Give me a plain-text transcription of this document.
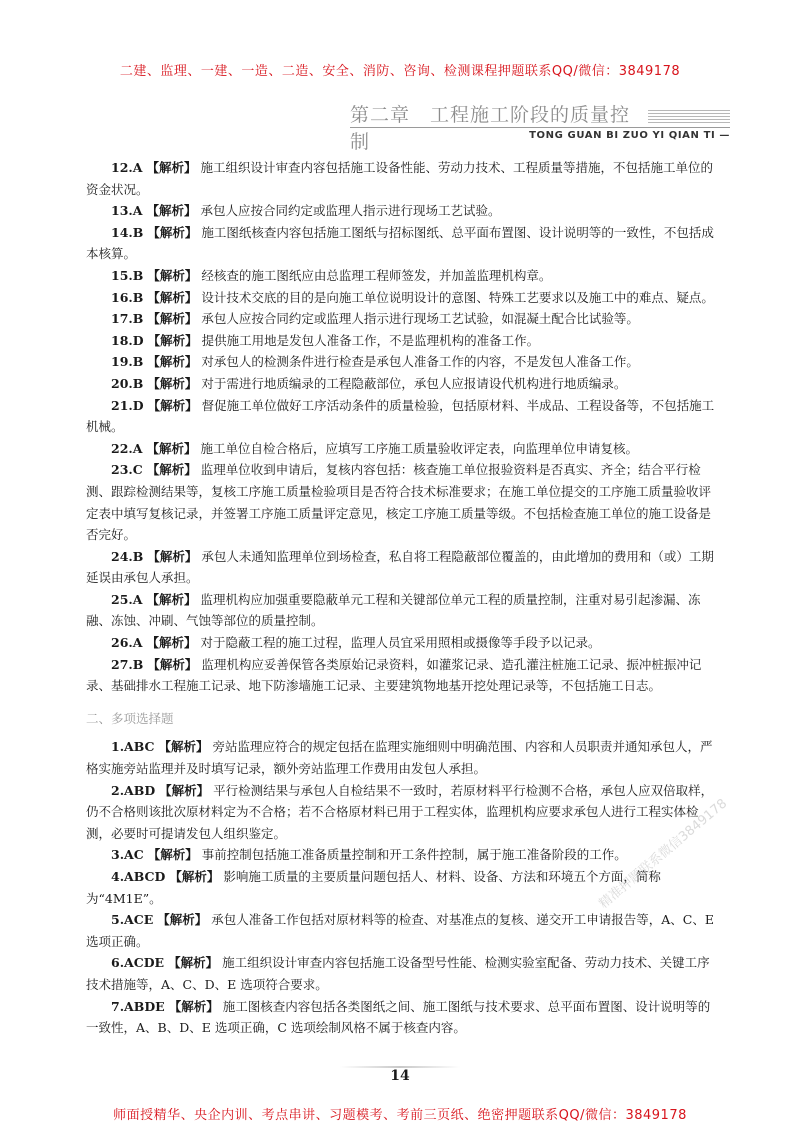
二建、监理、一建、一造、二造、安全、消防、咨询、检测课程押题联系QQ/微信：3849178
第二章　工程施工阶段的质量控制	TONG GUAN BI ZUO YI QIAN TI —

12.A 【解析】 施工组织设计审查内容包括施工设备性能、劳动力技术、工程质量等措施，不包括施工单位的资金状况。

13.A 【解析】 承包人应按合同约定或监理人指示进行现场工艺试验。

14.B 【解析】 施工图纸核查内容包括施工图纸与招标图纸、总平面布置图、设计说明等的一致性，不包括成本核算。

15.B 【解析】 经核查的施工图纸应由总监理工程师签发，并加盖监理机构章。

16.B 【解析】 设计技术交底的目的是向施工单位说明设计的意图、特殊工艺要求以及施工中的难点、疑点。

17.B 【解析】 承包人应按合同约定或监理人指示进行现场工艺试验，如混凝土配合比试验等。

18.D 【解析】 提供施工用地是发包人准备工作，不是监理机构的准备工作。

19.B 【解析】 对承包人的检测条件进行检查是承包人准备工作的内容，不是发包人准备工作。

20.B 【解析】 对于需进行地质编录的工程隐蔽部位，承包人应报请设代机构进行地质编录。

21.D 【解析】 督促施工单位做好工序活动条件的质量检验，包括原材料、半成品、工程设备等，不包括施工机械。

22.A 【解析】 施工单位自检合格后，应填写工序施工质量验收评定表，向监理单位申请复核。

23.C 【解析】 监理单位收到申请后，复核内容包括：核查施工单位报验资料是否真实、齐全；结合平行检测、跟踪检测结果等，复核工序施工质量检验项目是否符合技术标准要求；在施工单位提交的工序施工质量验收评定表中填写复核记录，并签署工序施工质量评定意见，核定工序施工质量等级。不包括检查施工单位的施工设备是否完好。

24.B 【解析】 承包人未通知监理单位到场检查，私自将工程隐蔽部位覆盖的，由此增加的费用和（或）工期延误由承包人承担。

25.A 【解析】 监理机构应加强重要隐蔽单元工程和关键部位单元工程的质量控制，注重对易引起渗漏、冻融、冻蚀、冲刷、气蚀等部位的质量控制。

26.A 【解析】 对于隐蔽工程的施工过程，监理人员宜采用照相或摄像等手段予以记录。

27.B 【解析】 监理机构应妥善保管各类原始记录资料，如灌浆记录、造孔灌注桩施工记录、振冲桩振冲记录、基础排水工程施工记录、地下防渗墙施工记录、主要建筑物地基开挖处理记录等，不包括施工日志。

二、多项选择题

1.ABC 【解析】 旁站监理应符合的规定包括在监理实施细则中明确范围、内容和人员职责并通知承包人，严格实施旁站监理并及时填写记录，额外旁站监理工作费用由发包人承担。

2.ABD 【解析】 平行检测结果与承包人自检结果不一致时，若原材料平行检测不合格，承包人应双倍取样，仍不合格则该批次原材料定为不合格；若不合格原材料已用于工程实体，监理机构应要求承包人进行工程实体检测，必要时可提请发包人组织鉴定。

3.AC 【解析】 事前控制包括施工准备质量控制和开工条件控制，属于施工准备阶段的工作。

4.ABCD 【解析】 影响施工质量的主要质量问题包括人、材料、设备、方法和环境五个方面，简称为“4M1E”。

5.ACE 【解析】 承包人准备工作包括对原材料等的检查、对基准点的复核、递交开工申请报告等，A、C、E 选项正确。

6.ACDE 【解析】 施工组织设计审查内容包括施工设备型号性能、检测实验室配备、劳动力技术、关键工序技术措施等，A、C、D、E 选项符合要求。

7.ABDE 【解析】 施工图核查内容包括各类图纸之间、施工图纸与技术要求、总平面布置图、设计说明等的一致性，A、B、D、E 选项正确，C 选项绘制风格不属于核查内容。

精准押题联系微信3849178
14
师面授精华、央企内训、考点串讲、习题模考、考前三页纸、绝密押题联系QQ/微信：3849178
